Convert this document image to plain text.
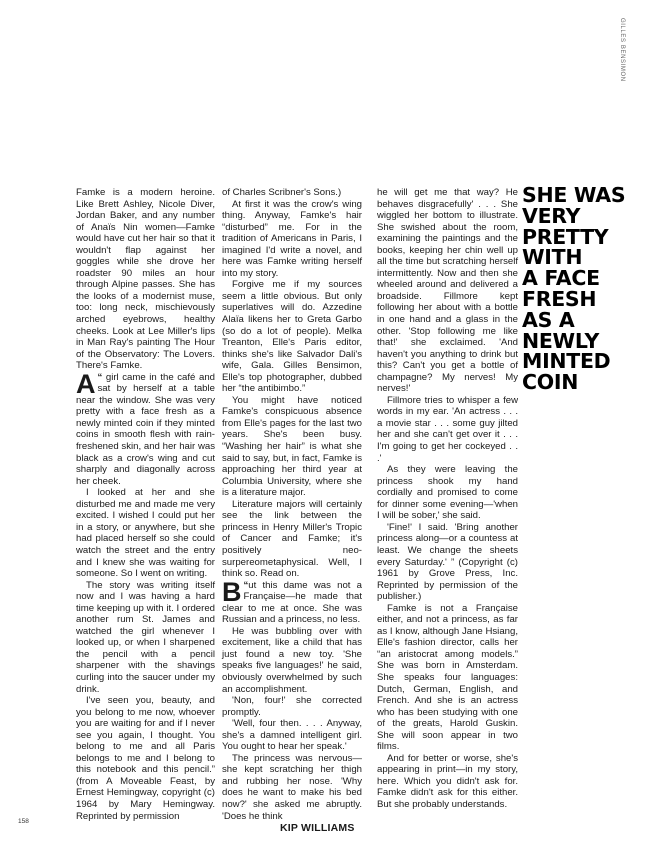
GILLES BENSIMON

Famke is a modern heroine. Like Brett Ashley, Nicole Diver, Jordan Baker, and any number of Anaïs Nin women—Famke would have cut her hair so that it wouldn't flap against her goggles while she drove her roadster 90 miles an hour through Alpine passes. She has the looks of a modernist muse, too: long neck, mischievously arched eyebrows, healthy cheeks. Look at Lee Miller's lips in Man Ray's painting The Hour of the Observatory: The Lovers. There's Famke.

“
A girl came in the café and sat by herself at a table near the window. She was very pretty with a face fresh as a newly minted coin if they minted coins in smooth flesh with rain-freshened skin, and her hair was black as a crow's wing and cut sharply and diagonally across her cheek.

I looked at her and she disturbed me and made me very excited. I wished I could put her in a story, or anywhere, but she had placed herself so she could watch the street and the entry and I knew she was waiting for someone. So I went on writing.

The story was writing itself now and I was having a hard time keeping up with it. I ordered another rum St. James and watched the girl whenever I looked up, or when I sharpened the pencil with a pencil sharpener with the shavings curling into the saucer under my drink.

I've seen you, beauty, and you belong to me now, whoever you are waiting for and if I never see you again, I thought. You belong to me and all Paris belongs to me and I belong to this notebook and this pencil.” (from A Moveable Feast, by Ernest Hemingway, copyright (c) 1964 by Mary Hemingway. Reprinted by permission

of Charles Scribner's Sons.)

At first it was the crow's wing thing. Anyway, Famke's hair “disturbed” me. For in the tradition of Americans in Paris, I imagined I'd write a novel, and here was Famke writing herself into my story.

Forgive me if my sources seem a little obvious. But only superlatives will do. Azzedine Alaïa likens her to Greta Garbo (so do a lot of people). Melka Treanton, Elle's Paris editor, thinks she's like Salvador Dali's wife, Gala. Gilles Bensimon, Elle's top photographer, dubbed her “the antibimbo.”

You might have noticed Famke's conspicuous absence from Elle's pages for the last two years. She's been busy. “Washing her hair” is what she said to say, but, in fact, Famke is approaching her third year at Columbia University, where she is a literature major.

Literature majors will certainly see the link between the princess in Henry Miller's Tropic of Cancer and Famke; it's positively neo-surpereometaphysical. Well, I think so. Read on.

“
B ut this dame was not a Française—he made that clear to me at once. She was Russian and a princess, no less.

He was bubbling over with excitement, like a child that has just found a new toy. 'She speaks five languages!' he said, obviously overwhelmed by such an accomplishment.

'Non, four!' she corrected promptly.

'Well, four then. . . . Anyway, she's a damned intelligent girl. You ought to hear her speak.'

The princess was nervous—she kept scratching her thigh and rubbing her nose. 'Why does he want to make his bed now?' she asked me abruptly. 'Does he think

he will get me that way? He behaves disgracefully' . . . She wiggled her bottom to illustrate. She swished about the room, examining the paintings and the books, keeping her chin well up all the time but scratching herself intermittently. Now and then she wheeled around and delivered a broadside. Fillmore kept following her about with a bottle in one hand and a glass in the other. 'Stop following me like that!' she exclaimed. 'And haven't you anything to drink but this? Can't you get a bottle of champagne? My nerves! My nerves!'

Fillmore tries to whisper a few words in my ear. 'An actress . . . a movie star . . . some guy jilted her and she can't get over it . . . I'm going to get her cockeyed . . .'

As they were leaving the princess shook my hand cordially and promised to come for dinner some evening—'when I will be sober,' she said.

'Fine!' I said. 'Bring another princess along—or a countess at least. We change the sheets every Saturday.' ” (Copyright (c) 1961 by Grove Press, Inc. Reprinted by permission of the publisher.)

Famke is not a Française either, and not a princess, as far as I know, although Jane Hsiang, Elle's fashion director, calls her “an aristocrat among models.” She was born in Amsterdam. She speaks four languages: Dutch, German, English, and French. And she is an actress who has been studying with one of the greats, Harold Guskin. She will soon appear in two films.

And for better or worse, she's appearing in print—in my story, here. Which you didn't ask for. Famke didn't ask for this either. But she probably understands.

KIP WILLIAMS
SHE WAS
VERY
PRETTY
WITH
A FACE
FRESH
AS A
NEWLY
MINTED
COIN
158
